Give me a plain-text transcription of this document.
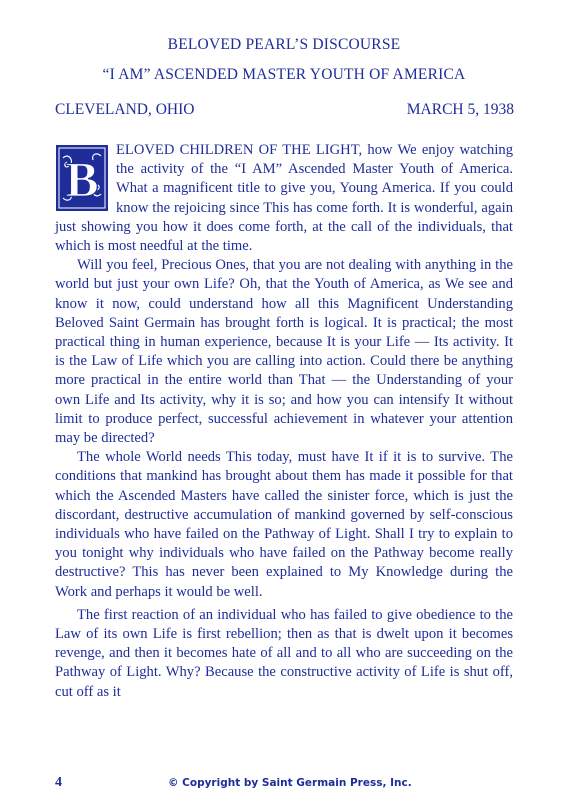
BELOVED PEARL’S DISCOURSE
“I AM” ASCENDED MASTER YOUTH OF AMERICA
CLEVELAND, OHIO	MARCH 5, 1938

B
ELOVED CHILDREN OF THE LIGHT, how We enjoy watching the activity of the “I AM” Ascended Master Youth of America. What a magnificent title to give you, Young America. If you could know the rejoicing since This has come forth. It is wonderful, again just showing you how it does come forth, at the call of the individuals, that which is most needful at the time.

Will you feel, Precious Ones, that you are not dealing with anything in the world but just your own Life? Oh, that the Youth of America, as We see and know it now, could understand how all this Magnificent Understanding Beloved Saint Germain has brought forth is logical. It is practical; the most practical thing in human experience, because It is your Life — Its activity. It is the Law of Life which you are calling into action. Could there be anything more practical in the entire world than That — the Understanding of your own Life and Its activity, why it is so; and how you can intensify It without limit to produce perfect, successful achievement in whatever your attention may be directed?

The whole World needs This today, must have It if it is to survive. The conditions that mankind has brought about them has made it possible for that which the Ascended Masters have called the sinister force, which is just the discordant, destructive accumulation of mankind governed by self-conscious individuals who have failed on the Pathway of Light. Shall I try to explain to you tonight why individuals who have failed on the Pathway become really destructive? This has never been explained to My Knowledge during the Work and perhaps it would be well.

The first reaction of an individual who has failed to give obedience to the Law of its own Life is first rebellion; then as that is dwelt upon it becomes revenge, and then it becomes hate of all and to all who are succeeding on the Pathway of Light. Why? Because the constructive activity of Life is shut off, cut off as it

4	© Copyright by Saint Germain Press, Inc.
